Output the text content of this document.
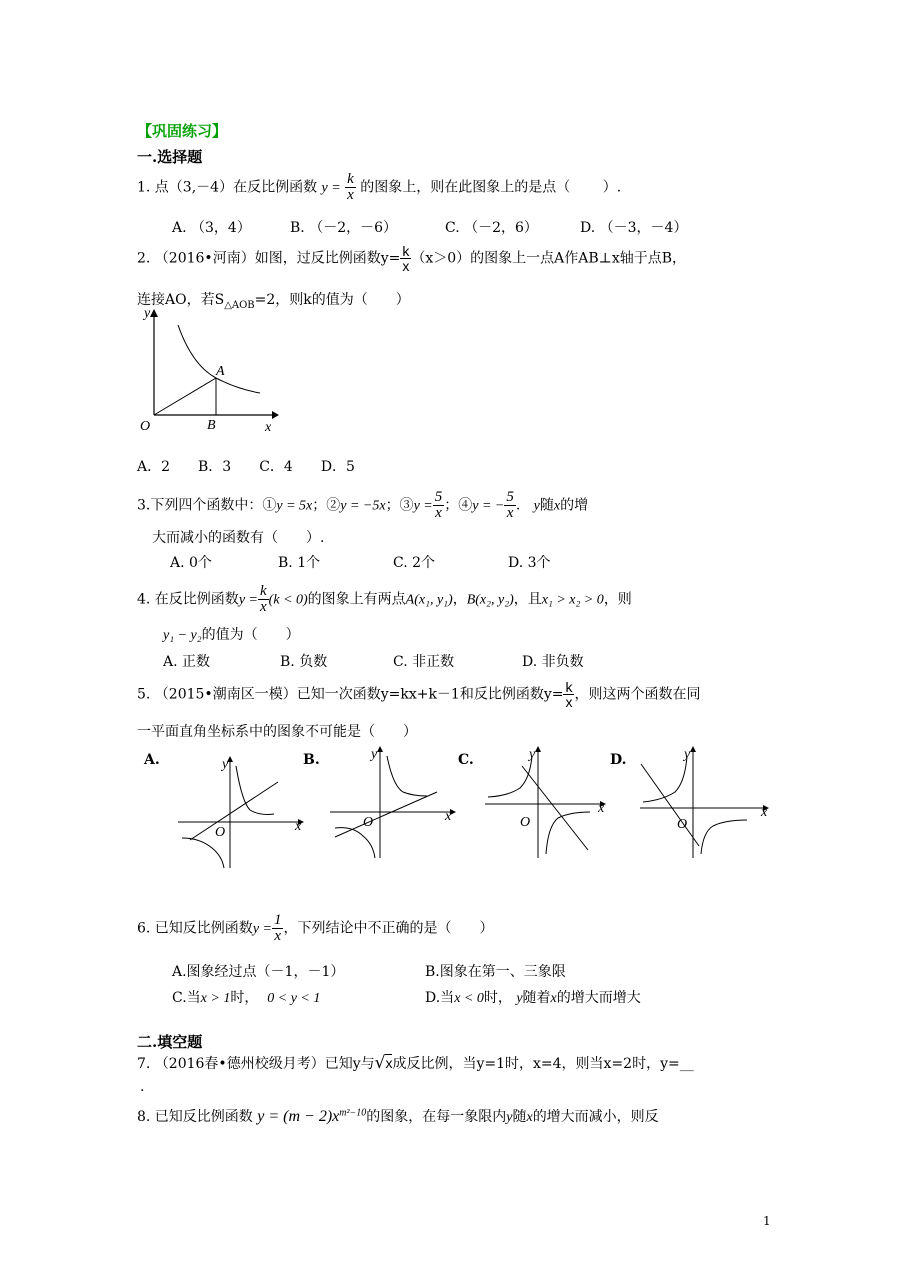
【巩固练习】
一.选择题
1. 点（3,－4）在反比例函数 $y = \frac{k}{x}$ 的图象上，则在此图象上的是点（　　 ）.
A. （3，4）	B. （－2，－6）	C. （－2，6）	D. （－3，－4）
2. （2016•河南）如图，过反比例函数$y= \frac{k}{x} (x>0)$的图象上一点A作AB⊥x轴于点B，
连接AO，若$S_{\triangle AOB}=2$，则k的值为（　　）
y
x
O
A
B
A．2　　B．3　　C．4　　D．5
3.下列四个函数中：①y = 5x；②y = −5x；③y = $\frac{5}{x}$ ；④y = − $\frac{5}{x}$ . y随x的增
大而减小的函数有（　　）.
A. 0个	B. 1个	C. 2个	D. 3个
4. 在反比例函数$y = \frac{k}{x} (k < 0)$的图象上有两点A(x₁, y₁)，B(x₂, y₂)，且x₁ > x₂ > 0，则
y₁ − y₂的值为（　　）
A. 正数	B. 负数	C. 非正数	D. 非负数
5. （2015•潮南区一模）已知一次函数y=kx+k－1和反比例函数$y= \frac{k}{x}$ ，则这两个函数在同
一平面直角坐标系中的图象不可能是（　　）
A.	y
x
O
B.	y
x
O
C.	y
x
O
D.	y
x
O
6. 已知反比例函数$y = \frac{1}{x}$ ，下列结论中不正确的是（　　）
A.图象经过点（－1，－1）	B.图象在第一、三象限
C.当x > 1时， 0 < y < 1	D.当x < 0时， y随着x的增大而增大
二.填空题
7. （2016春•德州校级月考）已知y与√x成反比例，当y=1时，x=4，则当x=2时，y=__
.
8. 已知反比例函数 $y = (m - 2)x^{m^2-10}$的图象，在每一象限内y随x的增大而减小，则反
1
